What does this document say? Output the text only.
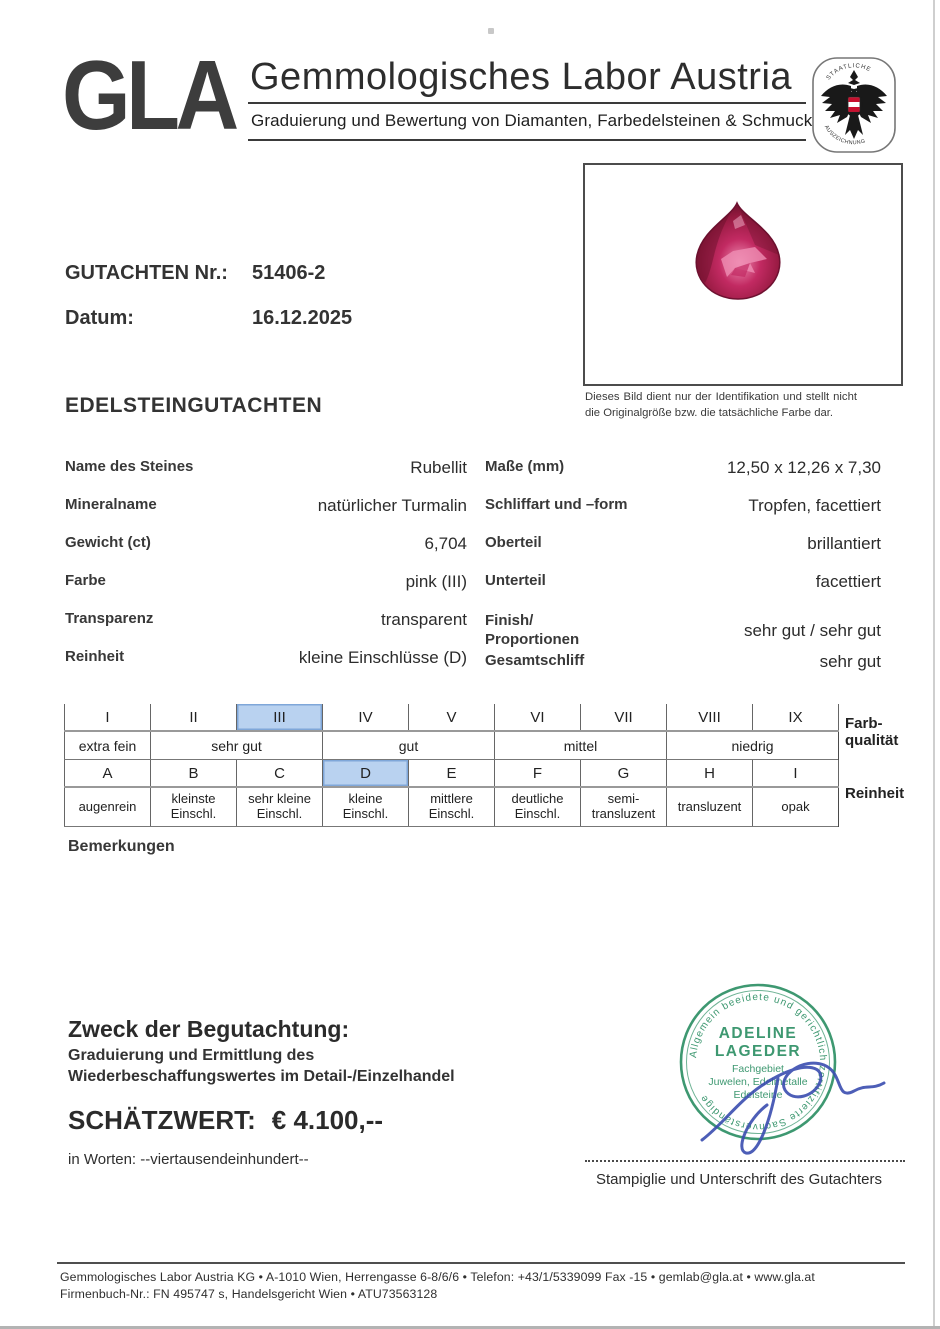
GLA Gemmologisches Labor Austria
Graduierung und Bewertung von Diamanten, Farbedelsteinen & Schmuck
STAATLICHE
AUSZEICHNUNG
GUTACHTEN Nr.:	51406-2
Datum:	16.12.2025
Dieses Bild dient nur der Identifikation und stellt nicht die Originalgröße bzw. die tatsächliche Farbe dar.
EDELSTEINGUTACHTEN
Name des Steines	Rubellit
Mineralname	natürlicher Turmalin
Gewicht (ct)	6,704
Farbe	pink (III)
Transparenz	transparent
Reinheit	kleine Einschlüsse (D)
Maße (mm)	12,50 x 12,26 x 7,30
Schliffart und –form	Tropfen, facettiert
Oberteil	brillantiert
Unterteil	facettiert
Finish/
Proportionen	sehr gut / sehr gut
Gesamtschliff	sehr gut
I	II	III	IV	V	VI	VII	VIII	IX	Farb-
qualität

extra fein	sehr gut		gut		mittel		niedrig		
A	B	C	D	E	F	G	H	I	Reinheit
augenrein	kleinste Einschl.	sehr kleine Einschl.	kleine Einschl.	mittlere Einschl.	deutliche Einschl.	semi-transluzent	transluzent	opak	
Bemerkungen
Zweck der Begutachtung:
Graduierung und Ermittlung des
Wiederbeschaffungswertes im Detail-/Einzelhandel
SCHÄTZWERT: € 4.100,--
in Worten: --viertausendeinhundert--
Allgemein beeidete und gerichtlich zertifizierte Sachverständige
ADELINE
LAGEDER
Fachgebiet
Juwelen, Edelmetalle
Edelsteine
Stampiglie und Unterschrift des Gutachters
Gemmologisches Labor Austria KG • A-1010 Wien, Herrengasse 6-8/6/6 • Telefon: +43/1/5339099 Fax -15 • gemlab@gla.at • www.gla.at
Firmenbuch-Nr.: FN 495747 s, Handelsgericht Wien • ATU73563128
